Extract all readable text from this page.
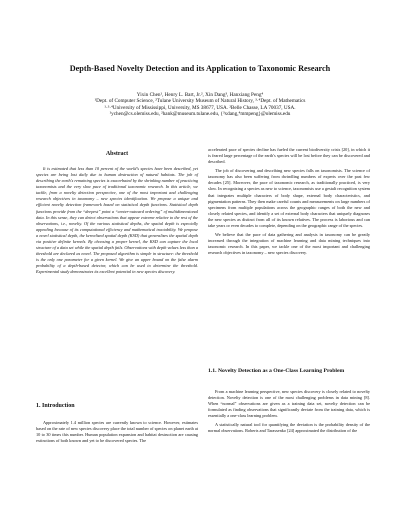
Depth-Based Novelty Detection and its Application to Taxonomic Research
Yixin Chen¹, Henry L. Bart, Jr.², Xin Dang³, Hanxiang Peng⁴
¹Dept. of Computer Science, ²Tulane University Museum of Natural History, ³·⁴Dept. of Mathematics
¹·³·⁴University of Mississippi, University, MS 38677, USA. ²Belle Chasse, LA 70037, USA.
¹ychen@cs.olemiss.edu, ²hank@museum.tulane.edu, {³xdang,⁴mmpeng}@olemiss.edu
Abstract

It is estimated that less than 10 percent of the world's species have been described, yet species are being lost daily due to human destruction of natural habitats. The job of describing the earth's remaining species is exacerbated by the shrinking number of practicing taxonomists and the very slow pace of traditional taxonomic research. In this article, we tackle, from a novelty detection perspective, one of the most important and challenging research objectives in taxonomy – new species identification. We propose a unique and efficient novelty detection framework based on statistical depth functions. Statistical depth functions provide from the “deepest” point a “center-outward ordering” of multidimensional data. In this sense, they can detect observations that appear extreme relative to the rest of the observations, i.e., novelty. Of the various statistical depths, the spatial depth is especially appealing because of its computational efficiency and mathematical tractability. We propose a novel statistical depth, the kernelized spatial depth (KSD) that generalizes the spatial depth via positive definite kernels. By choosing a proper kernel, the KSD can capture the local structure of a data set while the spatial depth fails. Observations with depth values less than a threshold are declared as novel. The proposed algorithm is simple in structure: the threshold is the only one parameter for a given kernel. We give an upper bound on the false alarm probability of a depth-based detector, which can be used to determine the threshold. Experimental study demonstrates its excellent potential in new species discovery.

1. Introduction

Approximately 1.4 million species are currently known to science. However, estimates based on the rate of new species discovery place the total number of species on planet earth at 10 to 30 times this number. Human population expansion and habitat destruction are causing extinctions of both known and yet to be discovered species. The

accelerated pace of species decline has fueled the current biodiversity crisis [20], in which it is feared large percentage of the earth's species will be lost before they can be discovered and described.

The job of discovering and describing new species falls on taxonomists. The science of taxonomy has also been suffering from dwindling numbers of experts over the past few decades [25]. Moreover, the pace of taxonomic research, as traditionally practiced, is very slow. In recognizing a species as new to science, taxonomists use a gestalt recognition system that integrates multiple characters of body shape, external body characteristics, and pigmentation patterns. They then make careful counts and measurements on large numbers of specimens from multiple populations across the geographic ranges of both the new and closely related species, and identify a set of external body characters that uniquely diagnoses the new species as distinct from all of its known relatives. The process is laborious and can take years or even decades to complete, depending on the geographic range of the species.

We believe that the pace of data gathering and analysis in taxonomy can be greatly increased through the integration of machine learning and data mining techniques into taxonomic research. In this paper, we tackle one of the most important and challenging research objectives in taxonomy – new species discovery.

1.1. Novelty Detection as a One-Class Learning Problem

From a machine learning perspective, new species discovery is closely related to novelty detection. Novelty detection is one of the most challenging problems in data mining [8]. When “normal” observations are given as a training data set, novelty detection can be formulated as finding observations that significantly deviate from the training data, which is essentially a one-class learning problem.

A statistically natural tool for quantifying the deviation is the probability density of the normal observations. Roberts and Tarassenko [24] approximated the distribution of the
